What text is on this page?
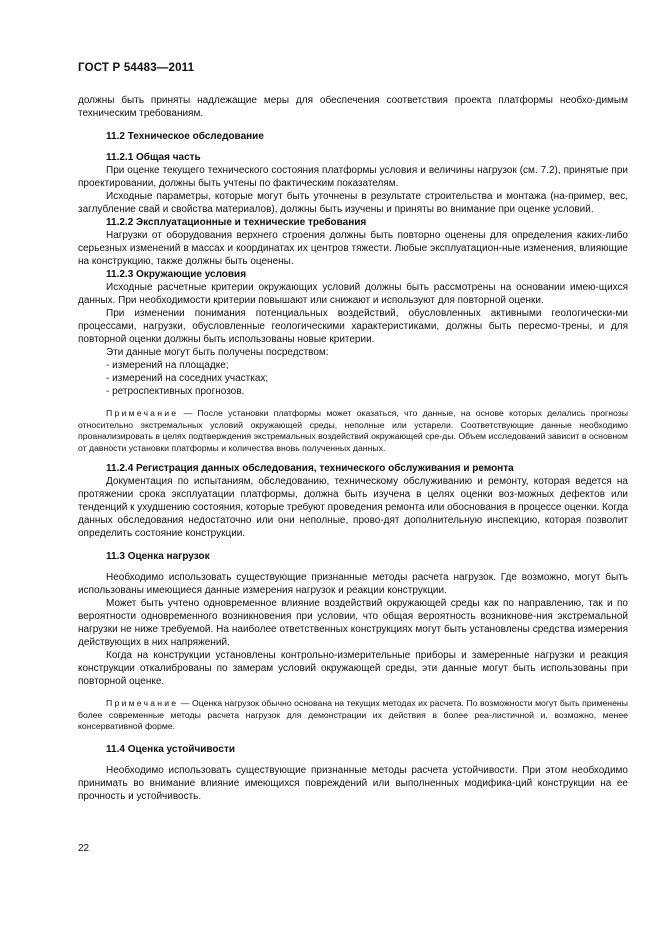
ГОСТ Р 54483—2011

должны быть приняты надлежащие меры для обеспечения соответствия проекта платформы необхо-димым техническим требованиям.

11.2 Техническое обследование

11.2.1 Общая часть

При оценке текущего технического состояния платформы условия и величины нагрузок (см. 7.2), принятые при проектировании, должны быть учтены по фактическим показателям.

Исходные параметры, которые могут быть уточнены в результате строительства и монтажа (на-пример, вес, заглубление свай и свойства материалов), должны быть изучены и приняты во внимание при оценке условий.

11.2.2 Эксплуатационные и технические требования

Нагрузки от оборудования верхнего строения должны быть повторно оценены для определения каких-либо серьезных изменений в массах и координатах их центров тяжести. Любые эксплуатацион-ные изменения, влияющие на конструкцию, также должны быть оценены.

11.2.3 Окружающие условия

Исходные расчетные критерии окружающих условий должны быть рассмотрены на основании имею-щихся данных. При необходимости критерии повышают или снижают и используют для повторной оценки.

При изменении понимания потенциальных воздействий, обусловленных активными геологически-ми процессами, нагрузки, обусловленные геологическими характеристиками, должны быть пересмо-трены, и для повторной оценки должны быть использованы новые критерии.

Эти данные могут быть получены посредством:

- измерений на площадке;

- измерений на соседних участках;

- ретроспективных прогнозов.

Примечание — После установки платформы может оказаться, что данные, на основе которых делались прогнозы относительно экстремальных условий окружающей среды, неполные или устарели. Соответствующие данные необходимо проанализировать в целях подтверждения экстремальных воздействий окружающей сре-ды. Объем исследований зависит в основном от давности установки платформы и количества вновь полученных данных.

11.2.4 Регистрация данных обследования, технического обслуживания и ремонта

Документация по испытаниям, обследованию, техническому обслуживанию и ремонту, которая ведется на протяжении срока эксплуатации платформы, должна быть изучена в целях оценки воз-можных дефектов или тенденций к ухудшению состояния, которые требуют проведения ремонта или обоснования в процессе оценки. Когда данных обследования недостаточно или они неполные, прово-дят дополнительную инспекцию, которая позволит определить состояние конструкции.

11.3 Оценка нагрузок

Необходимо использовать существующие признанные методы расчета нагрузок. Где возможно, могут быть использованы имеющиеся данные измерения нагрузок и реакции конструкции.

Может быть учтено одновременное влияние воздействий окружающей среды как по направлению, так и по вероятности одновременного возникновения при условии, что общая вероятность возникнове-ния экстремальной нагрузки не ниже требуемой. На наиболее ответственных конструкциях могут быть установлены средства измерения действующих в них напряжений.

Когда на конструкции установлены контрольно-измерительные приборы и замеренные нагрузки и реакция конструкции откалиброваны по замерам условий окружающей среды, эти данные могут быть использованы при повторной оценке.

Примечание — Оценка нагрузок обычно основана на текущих методах их расчета. По возможности могут быть применены более современные методы расчета нагрузок для демонстрации их действия в более реа-листичной и, возможно, менее консервативной форме.

11.4 Оценка устойчивости

Необходимо использовать существующие признанные методы расчета устойчивости. При этом необходимо принимать во внимание влияние имеющихся повреждений или выполненных модифика-ций конструкции на ее прочность и устойчивость.

22
